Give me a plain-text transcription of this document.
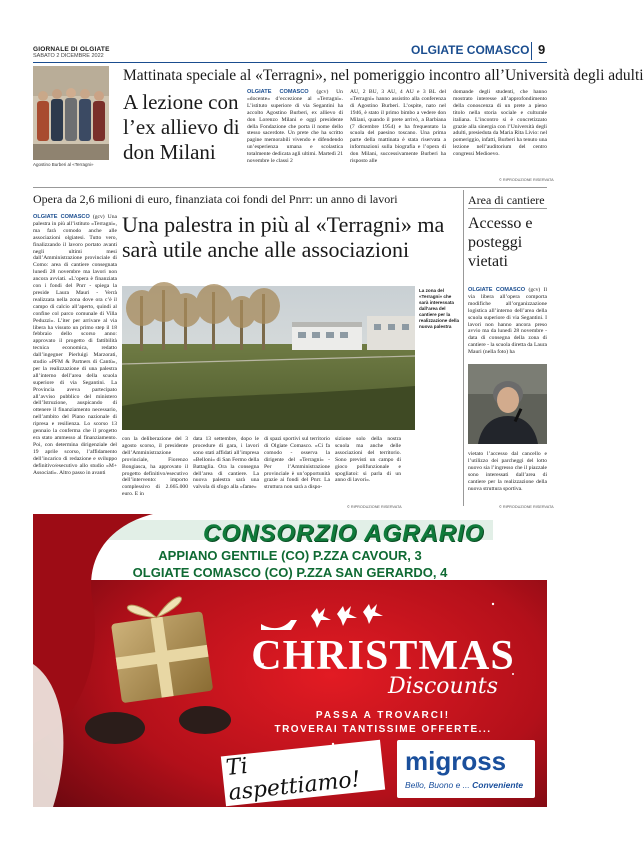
GIORNALE DI OLGIATE
SABATO 2 DICEMBRE 2022	OLGIATE COMASCO 9
Agostino Burberi al «Terragni»
Mattinata speciale al «Terragni», nel pomeriggio incontro all’Università degli adulti
A lezione con l’ex allievo di don Milani
OLGIATE COMASCO (gcv) Un «docente» d’eccezione al «Terragni». L’istituto superiore di via Segantini ha accolto Agostino Burberi, ex allievo di don Lorenzo Milani e oggi presidente della Fondazione che porta il nome dello stesso sacerdote. Un prete che ha scritto pagine memorabili vivendo e difendendo un’esperienza umana e scolastica totalmente dedicata agli ultimi. Martedì 21 novembre le classi 2
AU, 2 BU, 3 AU, 4 AU e 3 BL del «Terragni» hanno assistito alla conferenza di Agostino Burberi. L’ospite, nato nel 1946, è stato il primo bimbo a vedere don Milani, quando il prete arrivò, a Barbiana (7 dicembre 1954) e ha frequentato la scuola del paesino toscano. Una prima parte della mattinata è stata riservata a informazioni sulla biografia e l’opera di don Milani, successivamente Burberi ha risposto alle
domande degli studenti, che hanno mostrato interesse all’approfondimento della conoscenza di un prete a pieno titolo nella storia sociale e culturale italiana. L’incontro si è concretizzato grazie alla sinergia con l’Università degli adulti, presieduta da Maria Rita Livio: nel pomeriggio, infatti, Burberi ha tenuto una lezione nell’auditorium del centro congressi Medioevo.
© RIPRODUZIONE RISERVATA
Opera da 2,6 milioni di euro, finanziata coi fondi del Pnrr: un anno di lavori
Una palestra in più al «Terragni» ma sarà utile anche alle associazioni
OLGIATE COMASCO (gcv) Una palestra in più all’istituto «Terragni», ma farà comodo anche alle associazioni olgiatesi. Tutto vero, finalizzando il lavoro portato avanti negli ultimi mesi dall’Amministrazione provinciale di Como: area di cantiere consegnata lunedì 28 novembre ma lavori non ancora avviati. «L’opera è finanziata con i fondi del Pnrr - spiega la preside Laura Mauri - Verrà realizzata nella zona dove ora c’è il campo di calcio all’aperto, quindi al confine col parco comunale di Villa Peduzzi». L’iter per arrivare al via libera ha vissuto un primo step il 18 febbraio dello scorso anno: approvato il progetto di fattibilità tecnica economica, redatto dall’ingegner Pierluigi Marzorati, studio «PFM & Partners di Cantù», per la realizzazione di una palestra all’interno dell’area della scuola superiore di via Segantini. La Provincia aveva partecipato all’avviso pubblico del ministero dell’Istruzione, auspicando di ottenere il finanziamento necessario, nell’ambito del Piano nazionale di ripresa e resilienza. Lo scorso 13 gennaio la conferma che il progetto era stato ammesso al finanziamento. Poi, con determina dirigenziale del 19 aprile scorso, l’affidamento dell’incarico di redazione e sviluppo definitivo/esecutivo allo studio «M+ Associati». Altro passo in avanti
La zona del «Terragni» che sarà interessata dall’area del cantiere per la realizzazione della nuova palestra
con la deliberazione del 3 agosto scorso, il presidente dell’Amministrazione provinciale, Fiorenzo Bongiasca, ha approvato il progetto definitivo/esecutivo dell’intervento: importo complessivo di 2.665.000 euro. E in
data 13 settembre, dopo le procedure di gara, i lavori sono stati affidati all’impresa «Belloni» di San Fermo della Battaglia. Ora la consegna dell’area di cantiere. La nuova palestra sarà una valvola di sfogo alla «fame»
di spazi sportivi sul territorio di Olgiate Comasco. «Ci fa comodo - osserva la dirigente del «Terragni» - Per l’Amministrazione provinciale è un’opportunità grazie ai fondi del Pnrr. La struttura non sarà a dispo-
sizione solo della nostra scuola ma anche delle associazioni del territorio. Sono previsti un campo di gioco polifunzionale e spogliatoi: si parla di un anno di lavori».
© RIPRODUZIONE RISERVATA
Area di cantiere
Accesso e posteggi vietati
OLGIATE COMASCO (gcv) Il via libera all’opera comporta modifiche all’organizzazione logistica all’interno dell’area della scuola superiore di via Segantini. I lavori non hanno ancora preso avvio ma da lunedì 28 novembre - data di consegna della zona di cantiere - la scuola diretta da Laura Mauri (nella foto) ha
vietato l’accesso dal cancello e l’utilizzo dei parcheggi del lotto nuovo sia l’ingresso che il piazzale sono interessati dall’area di cantiere per la realizzazione della nuova struttura sportiva.
© RIPRODUZIONE RISERVATA
CONSORZIO AGRARIO
APPIANO GENTILE (CO) P.ZZA CAVOUR, 3
OLGIATE COMASCO (CO) P.ZZA SAN GERARDO, 4
CHRISTMAS
Discounts
PASSA A TROVARCI!
TROVERAI TANTISSIME OFFERTE...
Ti aspettiamo!
migross
Bello, Buono e ... Conveniente
